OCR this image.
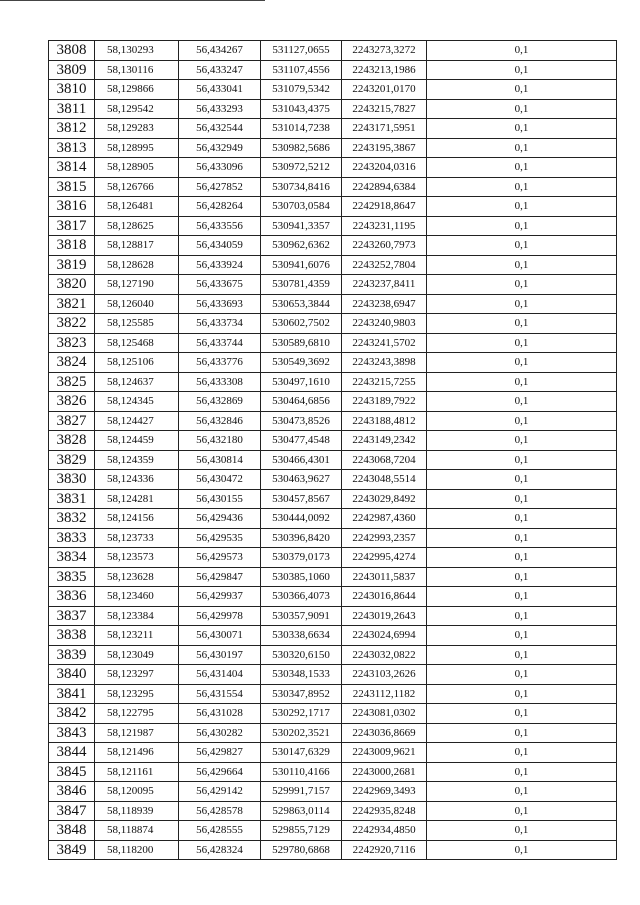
3808	58,130293	56,434267	531127,0655	2243273,3272	0,1
3809	58,130116	56,433247	531107,4556	2243213,1986	0,1
3810	58,129866	56,433041	531079,5342	2243201,0170	0,1
3811	58,129542	56,433293	531043,4375	2243215,7827	0,1
3812	58,129283	56,432544	531014,7238	2243171,5951	0,1
3813	58,128995	56,432949	530982,5686	2243195,3867	0,1
3814	58,128905	56,433096	530972,5212	2243204,0316	0,1
3815	58,126766	56,427852	530734,8416	2242894,6384	0,1
3816	58,126481	56,428264	530703,0584	2242918,8647	0,1
3817	58,128625	56,433556	530941,3357	2243231,1195	0,1
3818	58,128817	56,434059	530962,6362	2243260,7973	0,1
3819	58,128628	56,433924	530941,6076	2243252,7804	0,1
3820	58,127190	56,433675	530781,4359	2243237,8411	0,1
3821	58,126040	56,433693	530653,3844	2243238,6947	0,1
3822	58,125585	56,433734	530602,7502	2243240,9803	0,1
3823	58,125468	56,433744	530589,6810	2243241,5702	0,1
3824	58,125106	56,433776	530549,3692	2243243,3898	0,1
3825	58,124637	56,433308	530497,1610	2243215,7255	0,1
3826	58,124345	56,432869	530464,6856	2243189,7922	0,1
3827	58,124427	56,432846	530473,8526	2243188,4812	0,1
3828	58,124459	56,432180	530477,4548	2243149,2342	0,1
3829	58,124359	56,430814	530466,4301	2243068,7204	0,1
3830	58,124336	56,430472	530463,9627	2243048,5514	0,1
3831	58,124281	56,430155	530457,8567	2243029,8492	0,1
3832	58,124156	56,429436	530444,0092	2242987,4360	0,1
3833	58,123733	56,429535	530396,8420	2242993,2357	0,1
3834	58,123573	56,429573	530379,0173	2242995,4274	0,1
3835	58,123628	56,429847	530385,1060	2243011,5837	0,1
3836	58,123460	56,429937	530366,4073	2243016,8644	0,1
3837	58,123384	56,429978	530357,9091	2243019,2643	0,1
3838	58,123211	56,430071	530338,6634	2243024,6994	0,1
3839	58,123049	56,430197	530320,6150	2243032,0822	0,1
3840	58,123297	56,431404	530348,1533	2243103,2626	0,1
3841	58,123295	56,431554	530347,8952	2243112,1182	0,1
3842	58,122795	56,431028	530292,1717	2243081,0302	0,1
3843	58,121987	56,430282	530202,3521	2243036,8669	0,1
3844	58,121496	56,429827	530147,6329	2243009,9621	0,1
3845	58,121161	56,429664	530110,4166	2243000,2681	0,1
3846	58,120095	56,429142	529991,7157	2242969,3493	0,1
3847	58,118939	56,428578	529863,0114	2242935,8248	0,1
3848	58,118874	56,428555	529855,7129	2242934,4850	0,1
3849	58,118200	56,428324	529780,6868	2242920,7116	0,1
